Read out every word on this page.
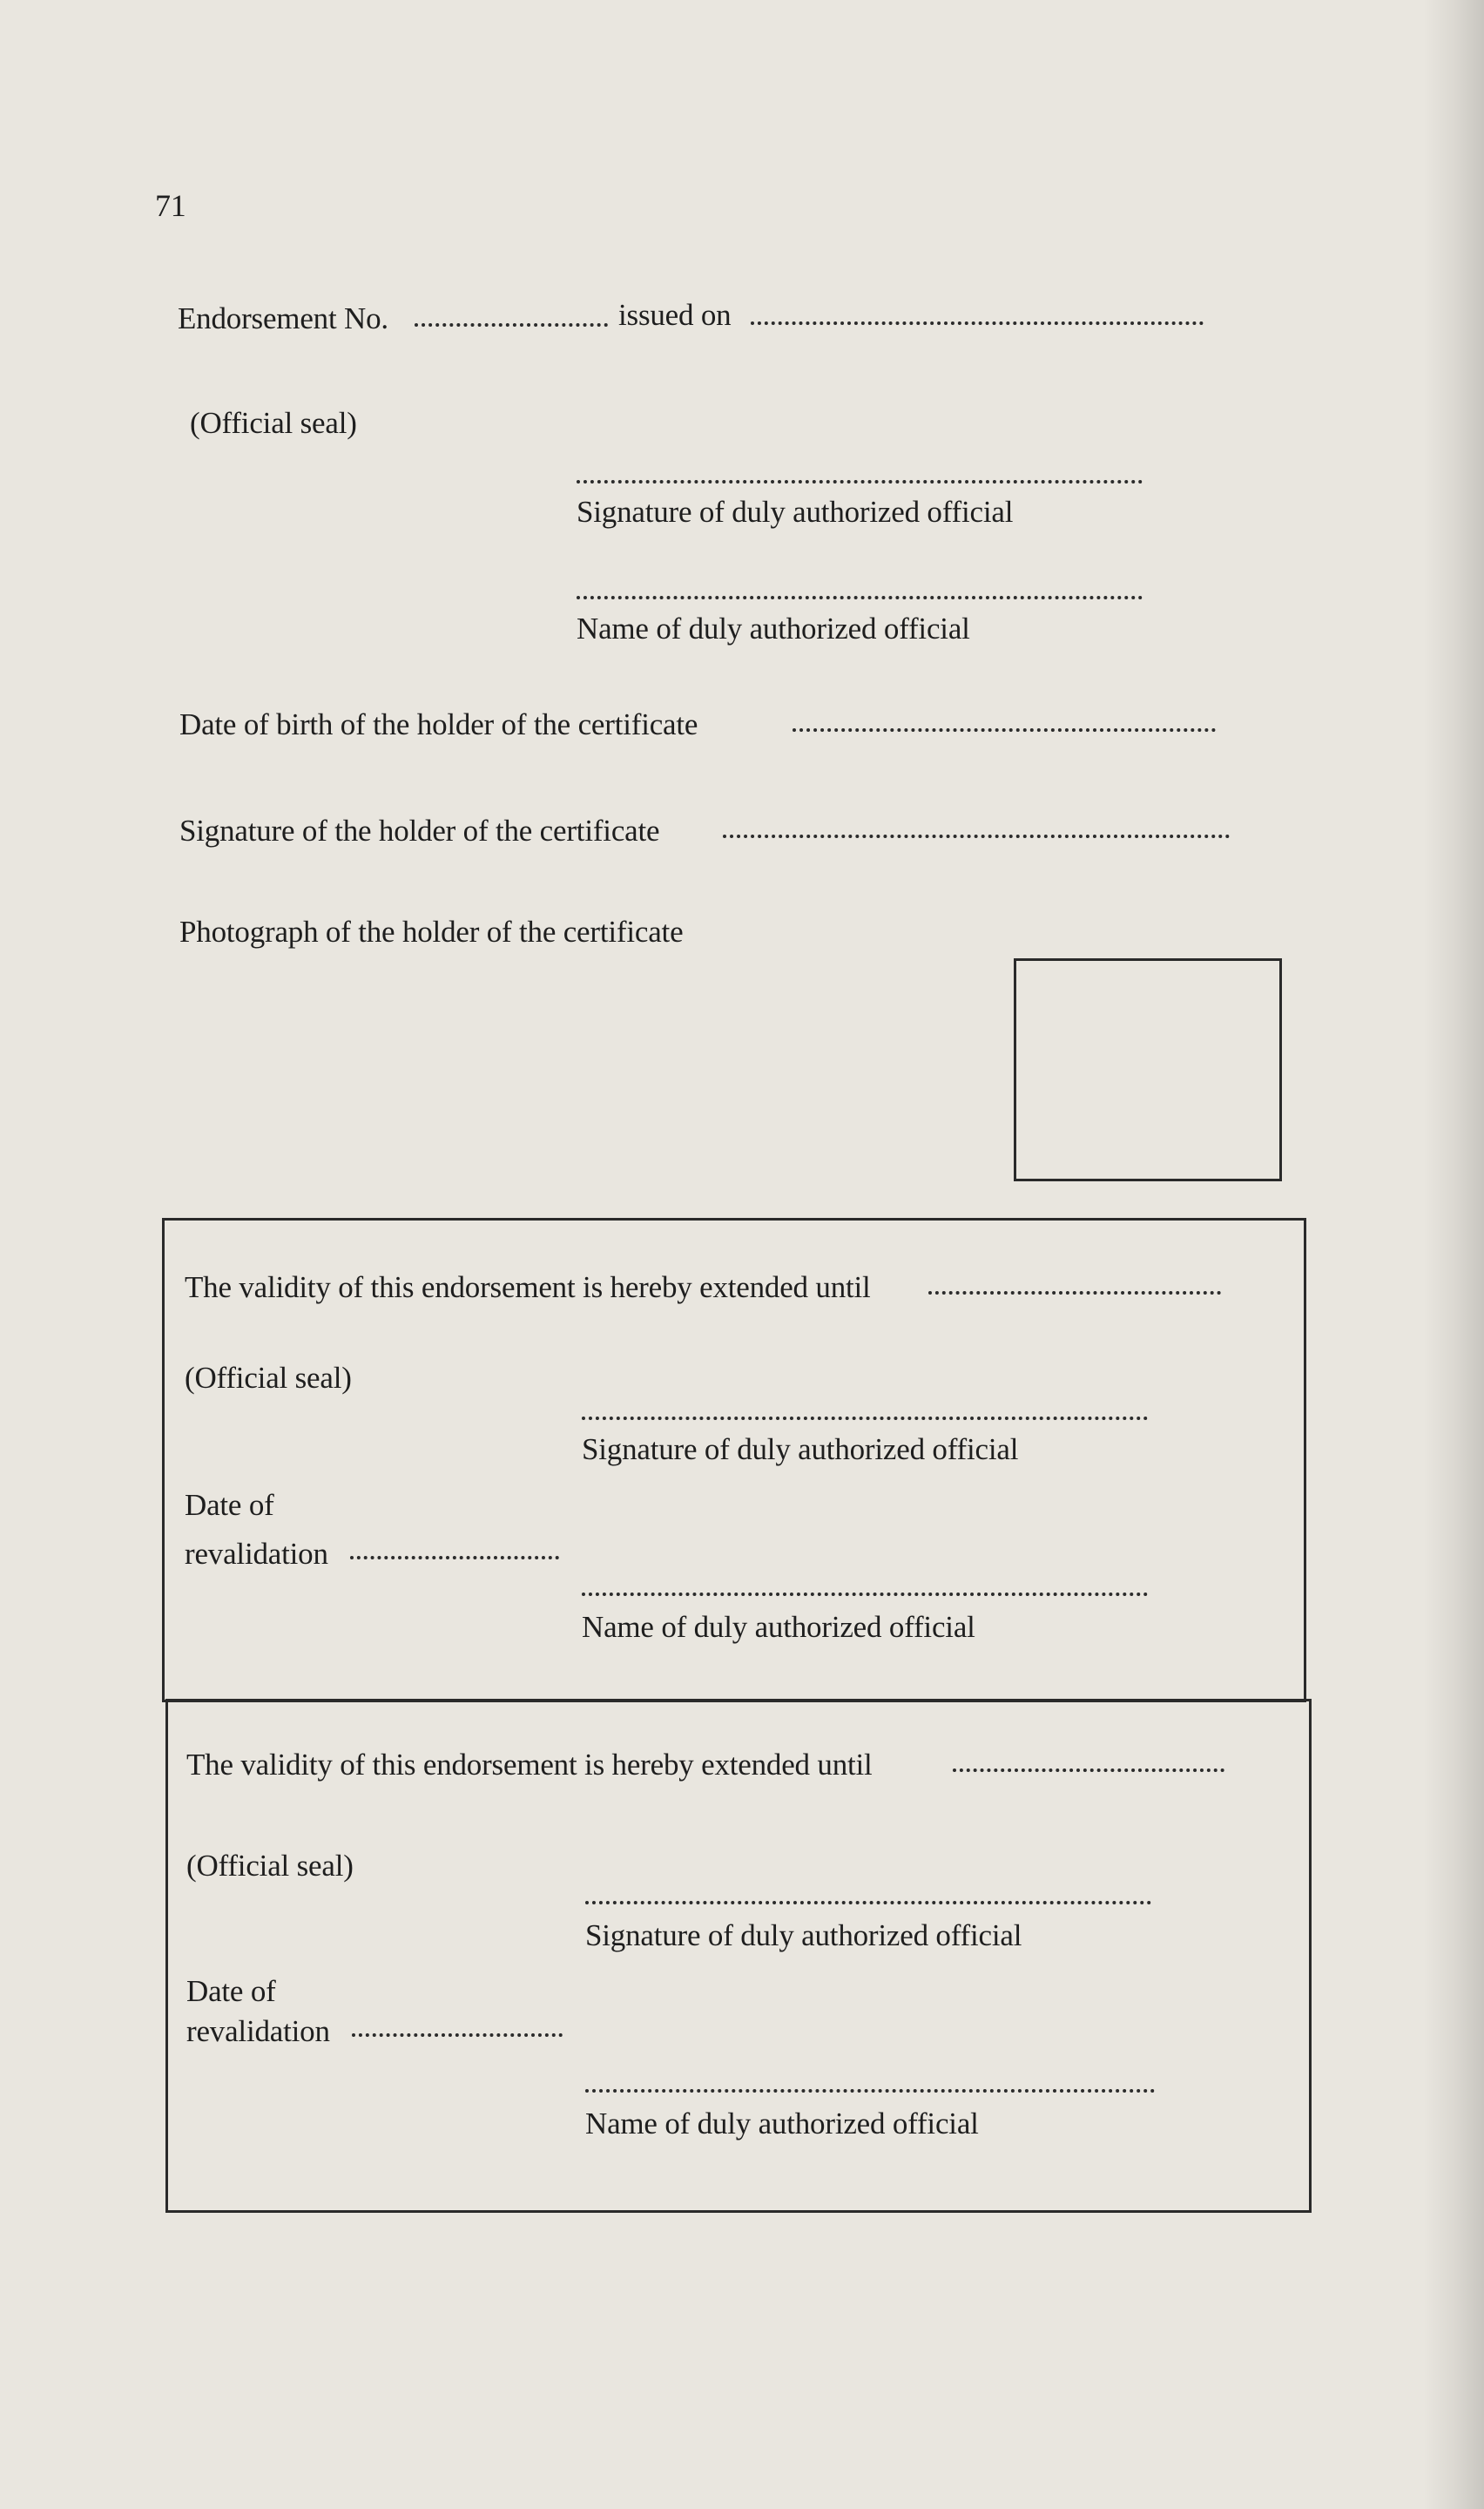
71
Endorsement No.	issued on
(Official seal)
Signature of duly authorized official
Name of duly authorized official
Date of birth of the holder of the certificate
Signature of the holder of the certificate
Photograph of the holder of the certificate
The validity of this endorsement is hereby extended until
(Official seal)
Signature of duly authorized official
Date of
revalidation
Name of duly authorized official
The validity of this endorsement is hereby extended until
(Official seal)
Signature of duly authorized official
Date of
revalidation
Name of duly authorized official
